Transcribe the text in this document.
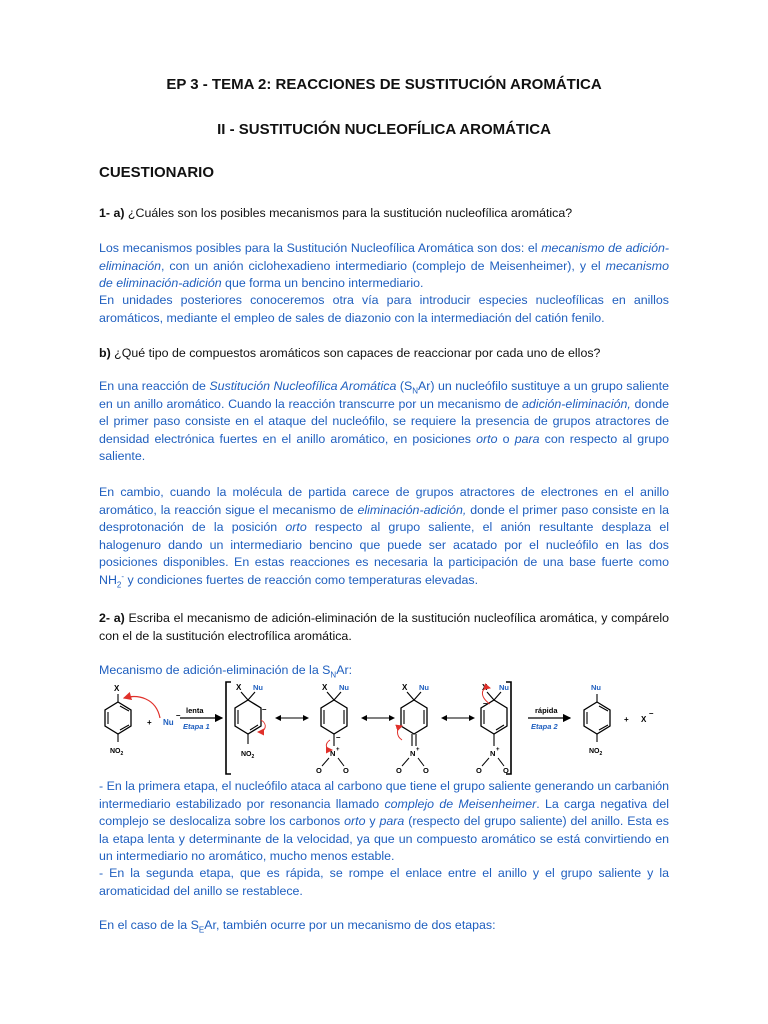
EP 3 - TEMA 2: REACCIONES DE SUSTITUCIÓN AROMÁTICA
II - SUSTITUCIÓN NUCLEOFÍLICA AROMÁTICA
CUESTIONARIO
1- a) ¿Cuáles son los posibles mecanismos para la sustitución nucleofílica aromática?
Los mecanismos posibles para la Sustitución Nucleofílica Aromática son dos: el mecanismo de adición-eliminación, con un anión ciclohexadieno intermediario (complejo de Meisenheimer), y el mecanismo de eliminación-adición que forma un bencino intermediario.
En unidades posteriores conoceremos otra vía para introducir especies nucleofílicas en anillos aromáticos, mediante el empleo de sales de diazonio con la intermediación del catión fenilo.
b) ¿Qué tipo de compuestos aromáticos son capaces de reaccionar por cada uno de ellos?
En una reacción de Sustitución Nucleofílica Aromática $(S_NAr)$ un nucleófilo sustituye a un grupo saliente en un anillo aromático. Cuando la reacción transcurre por un mecanismo de adición-eliminación, donde el primer paso consiste en el ataque del nucleófilo, se requiere la presencia de grupos atractores de densidad electrónica fuertes en el anillo aromático, en posiciones orto o para con respecto al grupo saliente.
En cambio, cuando la molécula de partida carece de grupos atractores de electrones en el anillo aromático, la reacción sigue el mecanismo de eliminación-adición, donde el primer paso consiste en la desprotonación de la posición orto respecto al grupo saliente, el anión resultante desplaza el halogenuro dando un intermediario bencino que puede ser acatado por el nucleófilo en las dos posiciones disponibles. En estas reacciones es necesaria la participación de una base fuerte como $NH_2^-$ y condiciones fuertes de reacción como temperaturas elevadas.
2- a) Escriba el mecanismo de adición-eliminación de la sustitución nucleofílica aromática, y compárelo con el de la sustitución electrofílica aromática.
Mecanismo de adición-eliminación de la $S_NAr$:
X
$NO_2$
+ Nu
–
lenta
Etapa 1
X Nu
–
$NO_2$
X Nu
–
N +
O	O
X Nu
N +
O	O
X Nu
–
N +
O	O
rápida
Etapa 2
Nu
$NO_2$
+ X
–
- En la primera etapa, el nucleófilo ataca al carbono que tiene el grupo saliente generando un carbanión intermediario estabilizado por resonancia llamado complejo de Meisenheimer. La carga negativa del complejo se deslocaliza sobre los carbonos orto y para (respecto del grupo saliente) del anillo. Esta es la etapa lenta y determinante de la velocidad, ya que un compuesto aromático se está convirtiendo en un intermediario no aromático, mucho menos estable.
- En la segunda etapa, que es rápida, se rompe el enlace entre el anillo y el grupo saliente y la aromaticidad del anillo se restablece.
En el caso de la $S_EAr$, también ocurre por un mecanismo de dos etapas:
